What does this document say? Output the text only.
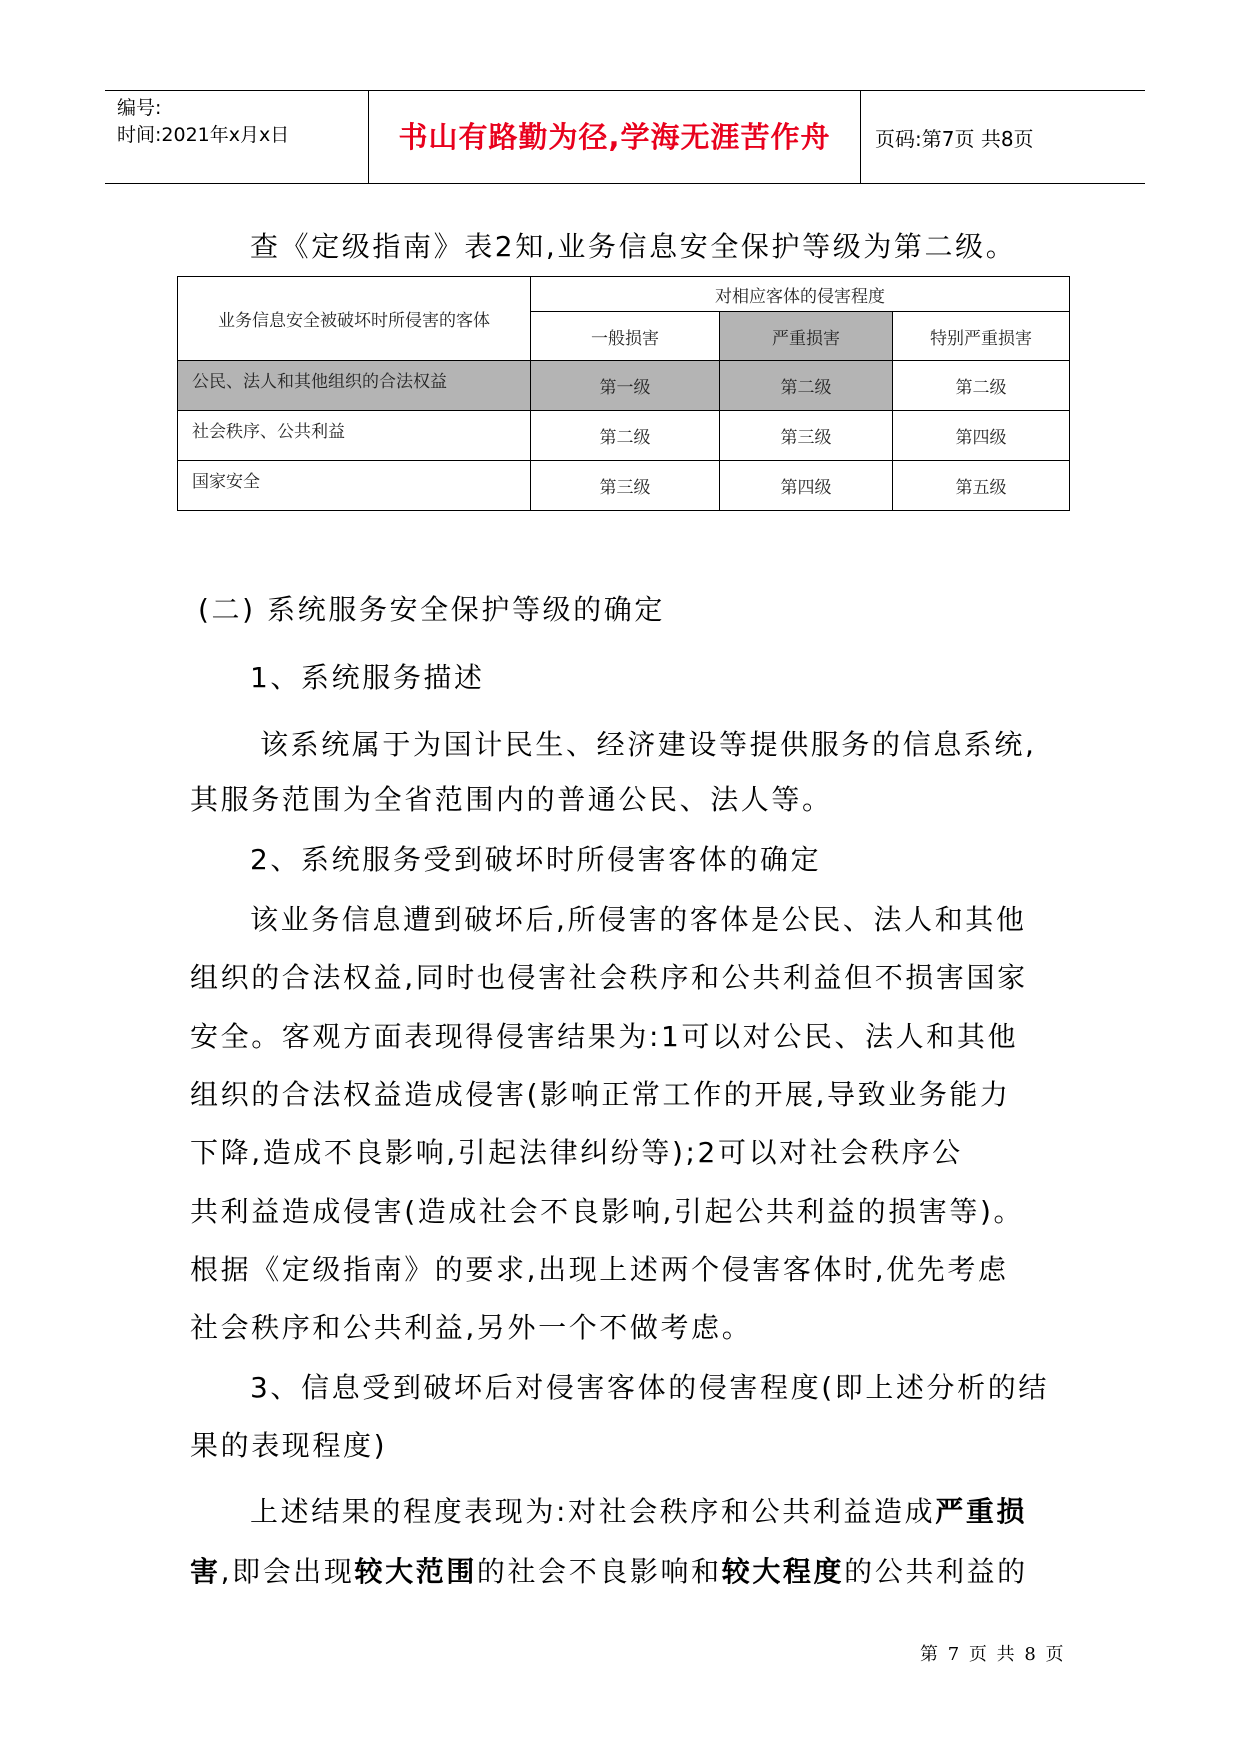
编号:
时间:2021年x月x日	书山有路勤为径,学海无涯苦作舟	页码:第7页 共8页
查《定级指南》表2知,业务信息安全保护等级为第二级。
业务信息安全被破坏时所侵害的客体	对相应客体的侵害程度		
	一般损害	严重损害	特别严重损害
公民、法人和其他组织的合法权益	第一级	第二级	第二级
社会秩序、公共利益	第二级	第三级	第四级
国家安全	第三级	第四级	第五级
(二) 系统服务安全保护等级的确定
1、系统服务描述
该系统属于为国计民生、经济建设等提供服务的信息系统,
其服务范围为全省范围内的普通公民、法人等。
2、系统服务受到破坏时所侵害客体的确定
该业务信息遭到破坏后,所侵害的客体是公民、法人和其他
组织的合法权益,同时也侵害社会秩序和公共利益但不损害国家
安全。客观方面表现得侵害结果为:1可以对公民、法人和其他
组织的合法权益造成侵害(影响正常工作的开展,导致业务能力
下降,造成不良影响,引起法律纠纷等);2可以对社会秩序公
共利益造成侵害(造成社会不良影响,引起公共利益的损害等)。
根据《定级指南》的要求,出现上述两个侵害客体时,优先考虑
社会秩序和公共利益,另外一个不做考虑。
3、信息受到破坏后对侵害客体的侵害程度(即上述分析的结
果的表现程度)
上述结果的程度表现为:对社会秩序和公共利益造成严重损
害,即会出现较大范围的社会不良影响和较大程度的公共利益的
第 7 页 共 8 页
